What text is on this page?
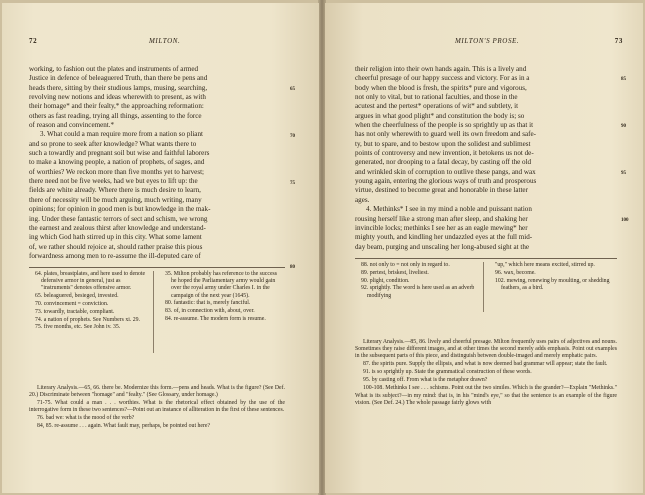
72	MILTON.

working, to fashion out the plates and instruments of armed

Justice in defence of beleaguered Truth, than there be pens and

heads there, sitting by their studious lamps, musing, searching,

revolving new notions and ideas wherewith to present, as with

their homage* and their fealty,* the approaching reformation:

others as fast reading, trying all things, assenting to the force

of reason and convincement.*

3. What could a man require more from a nation so pliant

and so prone to seek after knowledge? What wants there to

such a towardly and pregnant soil but wise and faithful laborers

to make a knowing people, a nation of prophets, of sages, and

of worthies? We reckon more than five months yet to harvest;

there need not be five weeks, had we but eyes to lift up: the

fields are white already. Where there is much desire to learn,

there of necessity will be much arguing, much writing, many

opinions; for opinion in good men is but knowledge in the mak-

ing. Under these fantastic terrors of sect and schism, we wrong

the earnest and zealous thirst after knowledge and understand-

ing which God hath stirred up in this city. What some lament

of, we rather should rejoice at, should rather praise this pious

forwardness among men to re-assume the ill-deputed care of

65
70
75
80
64. plates, breastplates, and here used to denote defensive armor in general, just as "instruments" denotes offensive armor.
65. beleaguered, besieged, invested.
70. convincement = conviction.
73. towardly, tractable, compliant.
74. a nation of prophets. See Numbers xi. 29.
75. five months, etc. See John iv. 35.
35. Milton probably has reference to the success he hoped the Parliamentary army would gain over the royal army under Charles I. in the campaign of the next year (1645).
80. fantastic: that is, merely fanciful.
83. of, in connection with, about, over.
84. re-assume. The modern form is resume.

Literary Analysis.—65, 66. there be. Modernize this form.—pens and heads. What is the figure? (See Def. 20.) Discriminate between "homage" and "fealty." (See Glossary, under homage.)

71-75. What could a man . . . worthies. What is the rhetorical effect obtained by the use of the interrogative form in these two sentences?—Point out an instance of alliteration in the first of these sentences.

76. bad we: what is the mood of the verb?

84, 85. re-assume . . . again. What fault may, perhaps, be pointed out here?

MILTON'S PROSE.	73

their religion into their own hands again. This is a lively and

cheerful presage of our happy success and victory. For as in a

body when the blood is fresh, the spirits* pure and vigorous,

not only to vital, but to rational faculties, and those in the

acutest and the pertest* operations of wit* and subtlety, it

argues in what good plight* and constitution the body is; so

when the cheerfulness of the people is so sprightly up as that it

has not only wherewith to guard well its own freedom and safe-

ty, but to spare, and to bestow upon the solidest and sublimest

points of controversy and new invention, it betokens us not de-

generated, nor drooping to a fatal decay, by casting off the old

and wrinkled skin of corruption to outlive these pangs, and wax

young again, entering the glorious ways of truth and prosperous

virtue, destined to become great and honorable in these latter

ages.

4. Methinks* I see in my mind a noble and puissant nation

rousing herself like a strong man after sleep, and shaking her

invincible locks; methinks I see her as an eagle mewing* her

mighty youth, and kindling her undazzled eyes at the full mid-

day beam, purging and unscaling her long-abused sight at the

85
90
95
100
88. not only to = not only in regard to.
89. pertest, briskest, liveliest.
90. plight, condition.
92. sprightly. The word is here used as an adverb modifying
"up," which here means excited, stirred up.
96. wax, become.
102. mewing, renewing by moulting, or shedding feathers, as a bird.

Literary Analysis.—85, 86. lively and cheerful presage. Milton frequently uses pairs of adjectives and nouns. Sometimes they raise different images, and at other times the second merely adds emphasis. Point out examples in the subsequent parts of this piece, and distinguish between double-imaged and merely emphatic pairs.

87. the spirits pure. Supply the ellipsis, and what is now deemed bad grammar will appear; state the fault.

91. is so sprightly up. State the grammatical construction of these words.

95. by casting off. From what is the metaphor drawn?

100-108. Methinks I see . . . schisms. Point out the two similes. Which is the grander?—Explain "Methinks." What is its subject?—in my mind: that is, in his "mind's eye," so that the sentence is an example of the figure vision. (See Def. 24.) The whole passage fairly glows with
